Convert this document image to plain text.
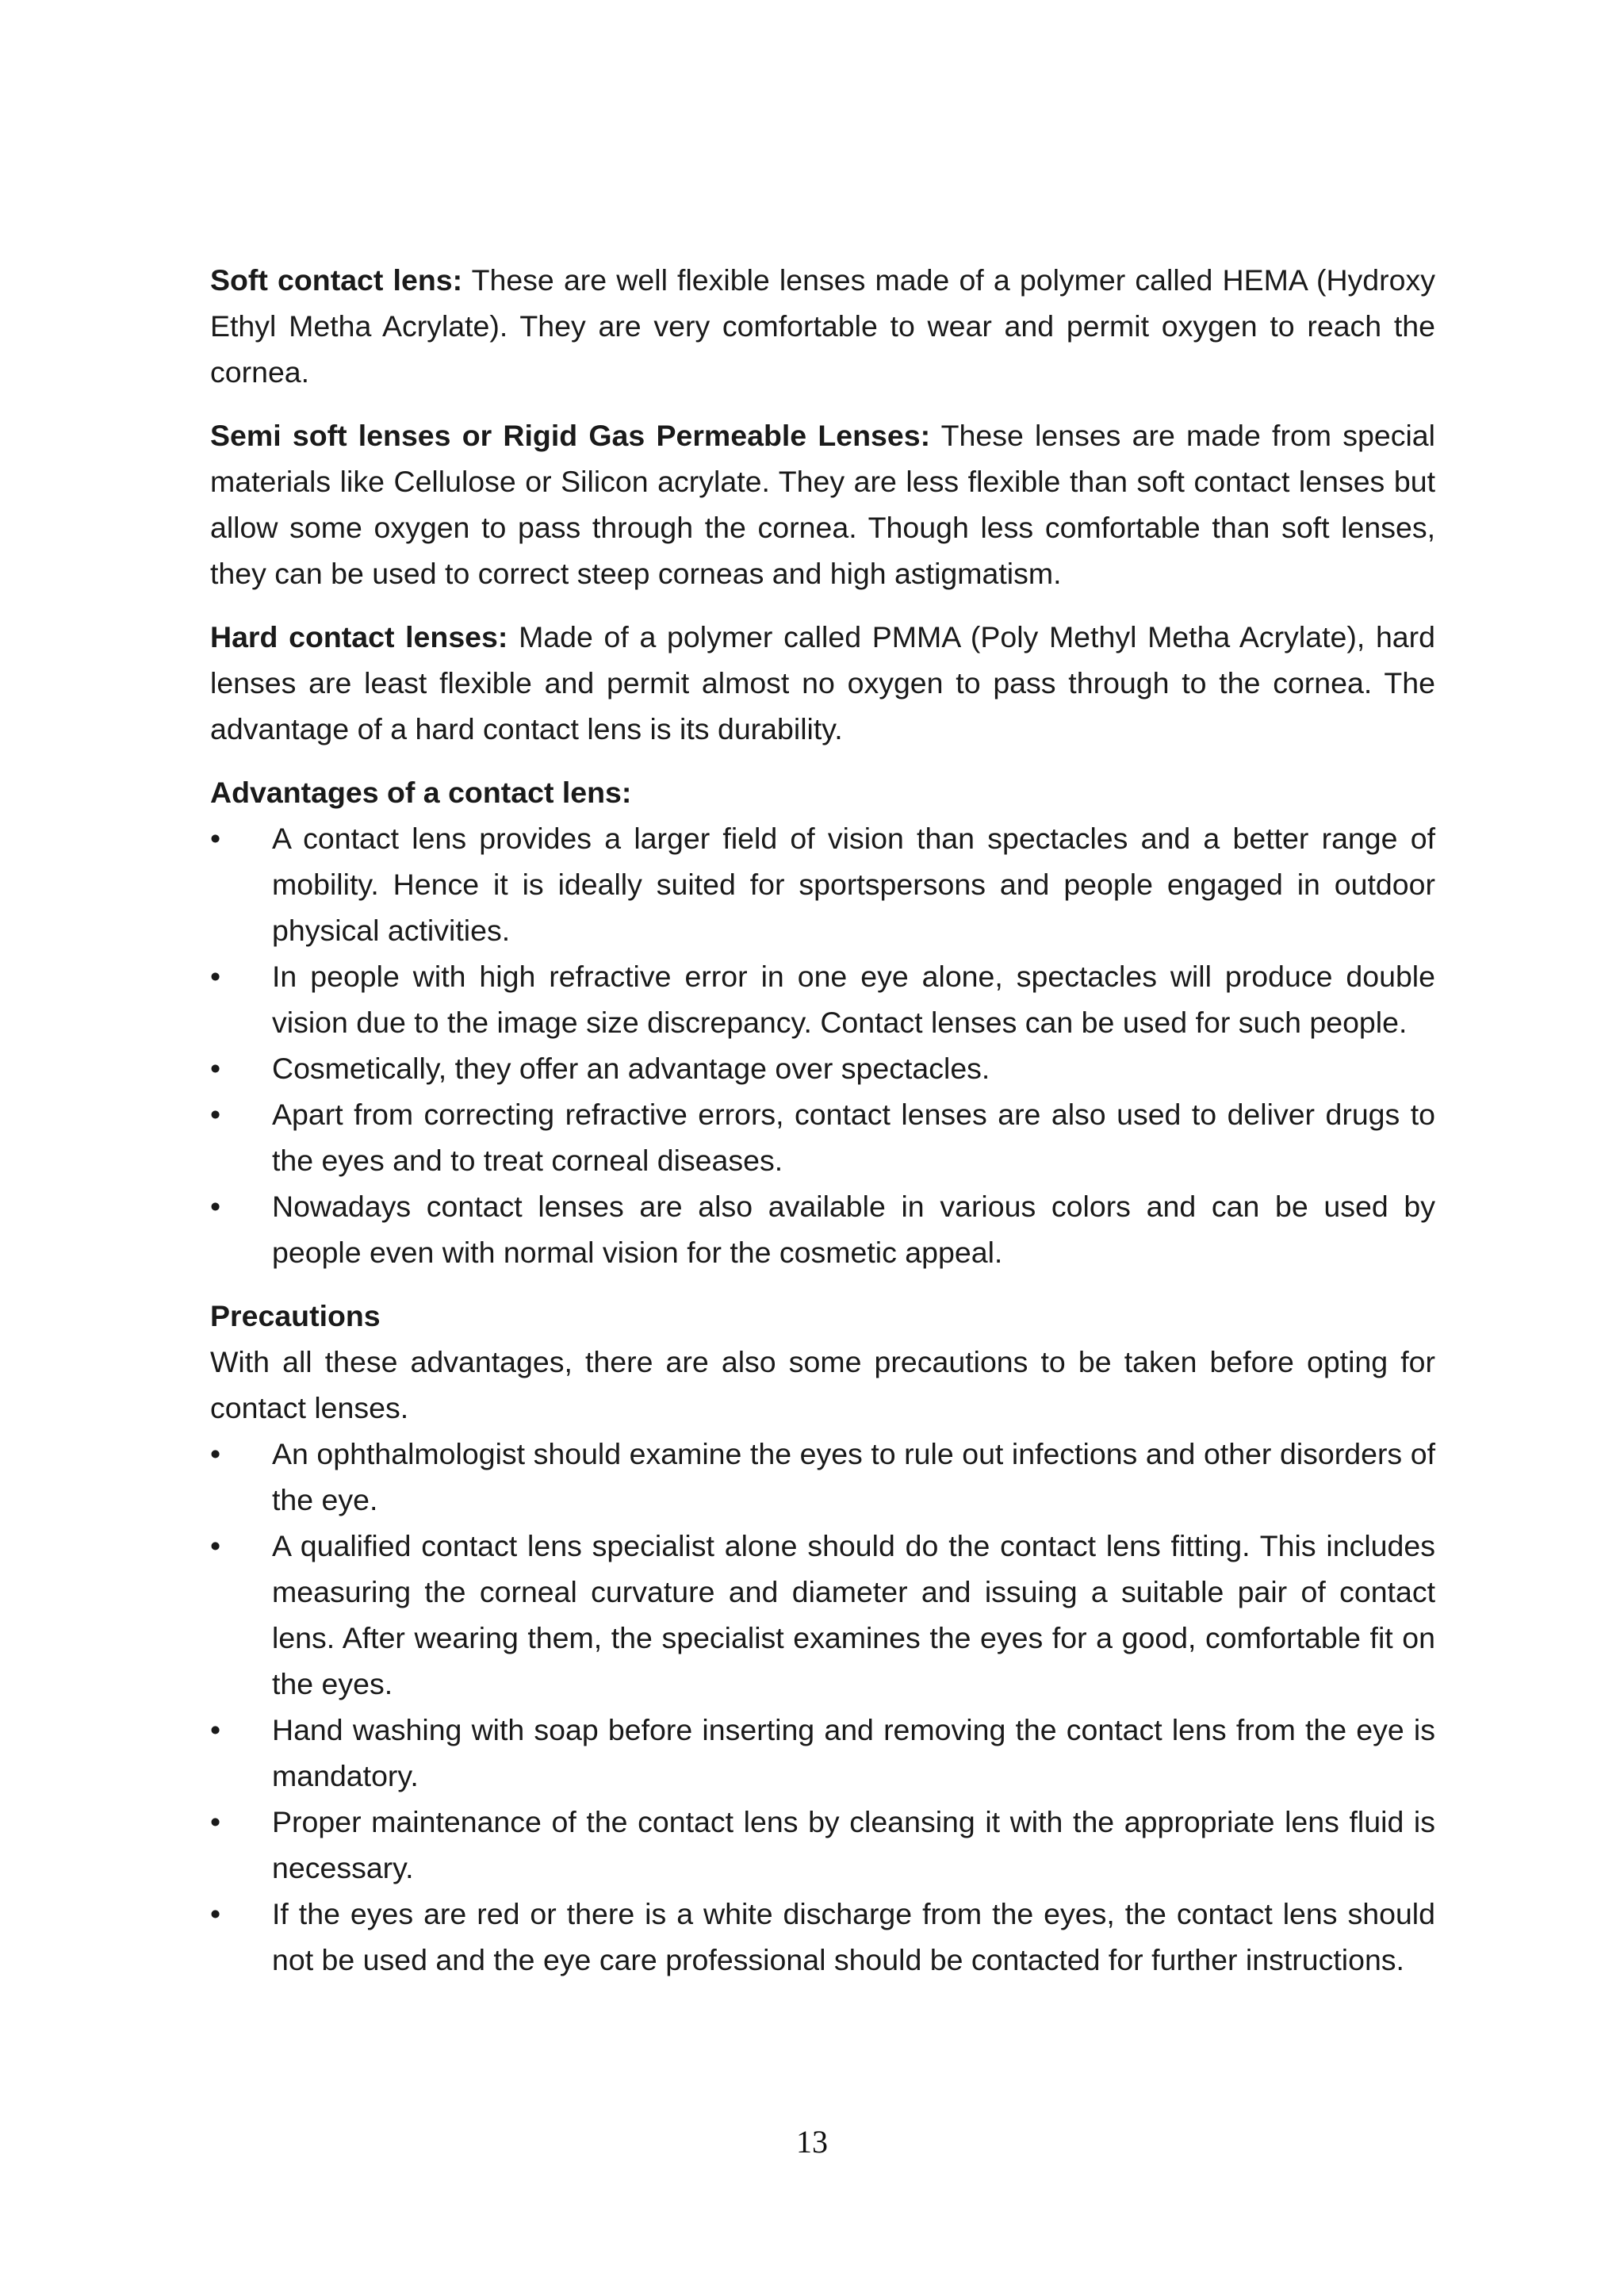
Soft contact lens: These are well flexible lenses made of a polymer called HEMA (Hydroxy Ethyl Metha Acrylate). They are very comfortable to wear and permit oxygen to reach the cornea.

Semi soft lenses or Rigid Gas Permeable Lenses: These lenses are made from special materials like Cellulose or Silicon acrylate. They are less flexible than soft contact lenses but allow some oxygen to pass through the cornea. Though less comfortable than soft lenses, they can be used to correct steep corneas and high astigmatism.

Hard contact lenses: Made of a polymer called PMMA (Poly Methyl Metha Acrylate), hard lenses are least flexible and permit almost no oxygen to pass through to the cornea. The advantage of a hard contact lens is its durability.

Advantages of a contact lens:

•	A contact lens provides a larger field of vision than spectacles and a better range of mobility. Hence it is ideally suited for sportspersons and people engaged in outdoor physical activities.
•	In people with high refractive error in one eye alone, spectacles will produce double vision due to the image size discrepancy. Contact lenses can be used for such people.
•	Cosmetically, they offer an advantage over spectacles.
•	Apart from correcting refractive errors, contact lenses are also used to deliver drugs to the eyes and to treat corneal diseases.
•	Nowadays contact lenses are also available in various colors and can be used by people even with normal vision for the cosmetic appeal.

Precautions

With all these advantages, there are also some precautions to be taken before opting for contact lenses.

•	An ophthalmologist should examine the eyes to rule out infections and other disorders of the eye.
•	A qualified contact lens specialist alone should do the contact lens fitting. This includes measuring the corneal curvature and diameter and issuing a suitable pair of contact lens. After wearing them, the specialist examines the eyes for a good, comfortable fit on the eyes.
•	Hand washing with soap before inserting and removing the contact lens from the eye is mandatory.
•	Proper maintenance of the contact lens by cleansing it with the appropriate lens fluid is necessary.
•	If the eyes are red or there is a white discharge from the eyes, the contact lens should not be used and the eye care professional should be contacted for further instructions.
13
